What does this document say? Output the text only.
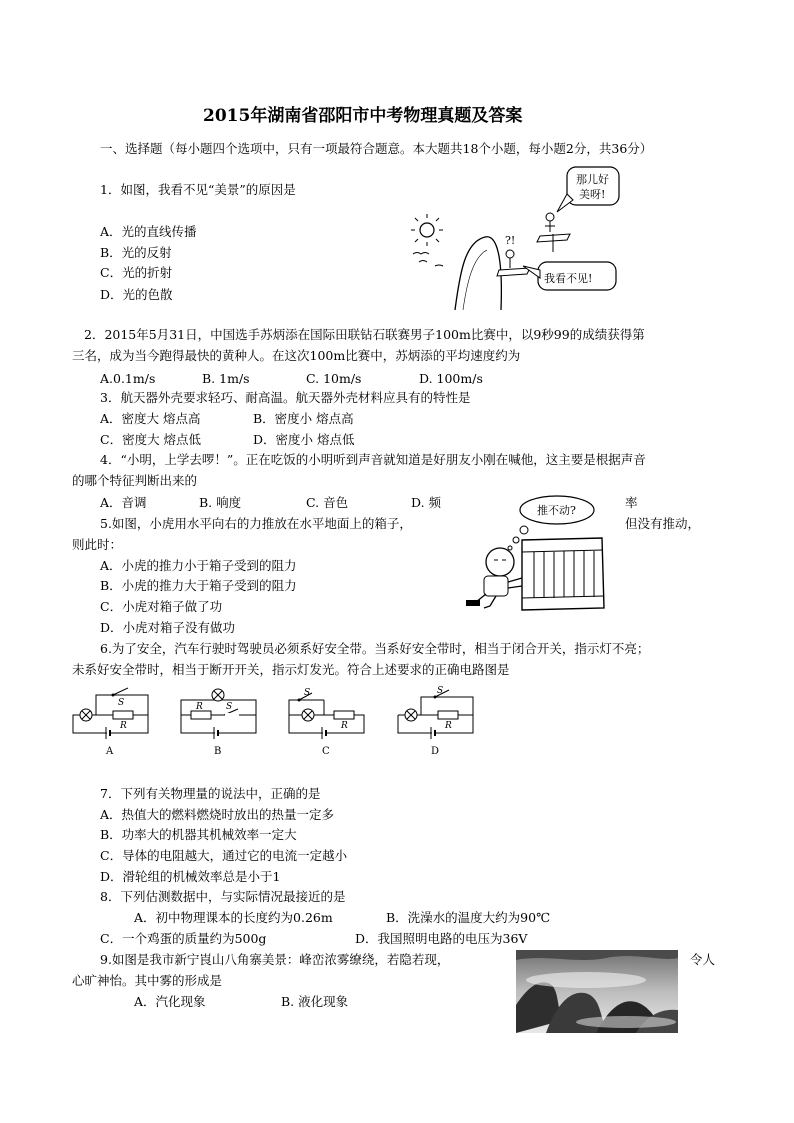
2015年湖南省邵阳市中考物理真题及答案
一、选择题（每小题四个选项中，只有一项最符合题意。本大题共18个小题，每小题2分，共36分）
1．如图，我看不见“美景”的原因是
A．光的直线传播
B．光的反射
C．光的折射
D．光的色散
?!
那儿好
美呀!
我看不见!
2．2015年5月31日，中国选手苏炳添在国际田联钻石联赛男子100m比赛中，以9秒99的成绩获得第
三名，成为当今跑得最快的黄种人。在这次100m比赛中，苏炳添的平均速度约为
A.0.1m/s	B. 1m/s	C. 10m/s	D. 100m/s
3．航天器外壳要求轻巧、耐高温。航天器外壳材料应具有的特性是
A．密度大 熔点高	B．密度小 熔点高
C．密度大 熔点低	D．密度小 熔点低
4．“小明，上学去啰！”。正在吃饭的小明听到声音就知道是好朋友小刚在喊他，这主要是根据声音
的哪个特征判断出来的
A．音调	B. 响度	C. 音色	D. 频	率
5.如图，小虎用水平向右的力推放在水平地面上的箱子，	但没有推动，
则此时：
A．小虎的推力小于箱子受到的阻力
B．小虎的推力大于箱子受到的阻力
C．小虎对箱子做了功
D．小虎对箱子没有做功
推不动?
6.为了安全，汽车行驶时驾驶员必须系好安全带。当系好安全带时，相当于闭合开关，指示灯不亮；
未系好安全带时，相当于断开开关，指示灯发光。符合上述要求的正确电路图是
S
R
A
R	S
B
S
R
C
S
R
D
7．下列有关物理量的说法中，正确的是
A．热值大的燃料燃烧时放出的热量一定多
B．功率大的机器其机械效率一定大
C．导体的电阻越大，通过它的电流一定越小
D．滑轮组的机械效率总是小于1
8．下列估测数据中，与实际情况最接近的是
A．初中物理课本的长度约为0.26m	B．洗澡水的温度大约为90℃
C．一个鸡蛋的质量约为500g	D．我国照明电路的电压为36V
9.如图是我市新宁崀山八角寨美景：峰峦浓雾缭绕，若隐若现，	令人
心旷神怡。其中雾的形成是
A．汽化现象	B. 液化现象
